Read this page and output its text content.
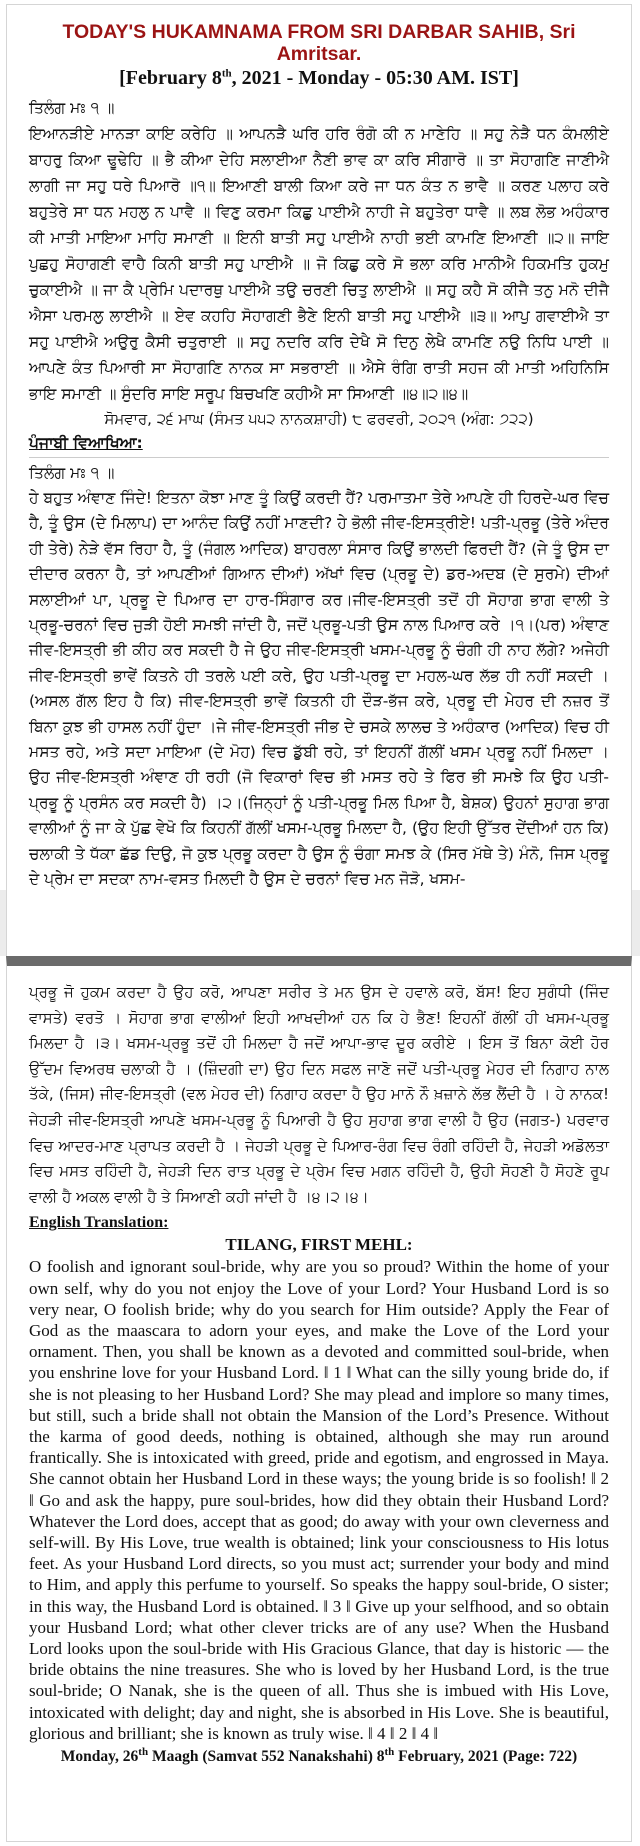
TODAY'S HUKAMNAMA FROM SRI DARBAR SAHIB, Sri Amritsar.
[February 8th, 2021 - Monday - 05:30 AM. IST]
ਤਿਲੰਗ ਮਃ ੧ ॥
ਇਆਨੜੀਏ ਮਾਨੜਾ ਕਾਇ ਕਰੇਹਿ ॥ ਆਪਨੜੈ ਘਰਿ ਹਰਿ ਰੰਗੋ ਕੀ ਨ ਮਾਣੇਹਿ ॥ ਸਹੁ ਨੇੜੈ ਧਨ ਕੰਮਲੀਏ ਬਾਹਰੁ ਕਿਆ ਢੂਢੇਹਿ ॥ ਭੈ ਕੀਆ ਦੇਹਿ ਸਲਾਈਆ ਨੈਣੀ ਭਾਵ ਕਾ ਕਰਿ ਸੀਗਾਰੋ ॥ ਤਾ ਸੋਹਾਗਣਿ ਜਾਣੀਐ ਲਾਗੀ ਜਾ ਸਹੁ ਧਰੇ ਪਿਆਰੋ ॥੧॥ ਇਆਣੀ ਬਾਲੀ ਕਿਆ ਕਰੇ ਜਾ ਧਨ ਕੰਤ ਨ ਭਾਵੈ ॥ ਕਰਣ ਪਲਾਹ ਕਰੇ ਬਹੁਤੇਰੇ ਸਾ ਧਨ ਮਹਲੁ ਨ ਪਾਵੈ ॥ ਵਿਣੁ ਕਰਮਾ ਕਿਛੁ ਪਾਈਐ ਨਾਹੀ ਜੇ ਬਹੁਤੇਰਾ ਧਾਵੈ ॥ ਲਬ ਲੋਭ ਅਹੰਕਾਰ ਕੀ ਮਾਤੀ ਮਾਇਆ ਮਾਹਿ ਸਮਾਣੀ ॥ ਇਨੀ ਬਾਤੀ ਸਹੁ ਪਾਈਐ ਨਾਹੀ ਭਈ ਕਾਮਣਿ ਇਆਣੀ ॥੨॥ ਜਾਇ ਪੁਛਹੁ ਸੋਹਾਗਣੀ ਵਾਹੈ ਕਿਨੀ ਬਾਤੀ ਸਹੁ ਪਾਈਐ ॥ ਜੋ ਕਿਛੁ ਕਰੇ ਸੋ ਭਲਾ ਕਰਿ ਮਾਨੀਐ ਹਿਕਮਤਿ ਹੁਕਮੁ ਚੁਕਾਈਐ ॥ ਜਾ ਕੈ ਪ੍ਰੇਮਿ ਪਦਾਰਥੁ ਪਾਈਐ ਤਉ ਚਰਣੀ ਚਿਤੁ ਲਾਈਐ ॥ ਸਹੁ ਕਹੈ ਸੋ ਕੀਜੈ ਤਨੁ ਮਨੋ ਦੀਜੈ ਐਸਾ ਪਰਮਲੁ ਲਾਈਐ ॥ ਏਵ ਕਹਹਿ ਸੋਹਾਗਣੀ ਭੈਣੇ ਇਨੀ ਬਾਤੀ ਸਹੁ ਪਾਈਐ ॥੩॥ ਆਪੁ ਗਵਾਈਐ ਤਾ ਸਹੁ ਪਾਈਐ ਅਉਰੁ ਕੈਸੀ ਚਤੁਰਾਈ ॥ ਸਹੁ ਨਦਰਿ ਕਰਿ ਦੇਖੈ ਸੋ ਦਿਨੁ ਲੇਖੈ ਕਾਮਣਿ ਨਉ ਨਿਧਿ ਪਾਈ ॥ ਆਪਣੇ ਕੰਤ ਪਿਆਰੀ ਸਾ ਸੋਹਾਗਣਿ ਨਾਨਕ ਸਾ ਸਭਰਾਈ ॥ ਐਸੇ ਰੰਗਿ ਰਾਤੀ ਸਹਜ ਕੀ ਮਾਤੀ ਅਹਿਨਿਸਿ ਭਾਇ ਸਮਾਣੀ ॥ ਸੁੰਦਰਿ ਸਾਇ ਸਰੂਪ ਬਿਚਖਣਿ ਕਹੀਐ ਸਾ ਸਿਆਣੀ ॥੪॥੨॥੪॥
ਸੋਮਵਾਰ, ੨੬ ਮਾਘ (ਸੰਮਤ ੫੫੨ ਨਾਨਕਸ਼ਾਹੀ) ੮ ਫਰਵਰੀ, ੨੦੨੧ (ਅੰਗ: ੭੨੨)
ਪੰਜਾਬੀ ਵਿਆਖਿਆ:
ਤਿਲੰਗ ਮਃ ੧ ॥
ਹੇ ਬਹੁਤ ਅੰਞਾਣ ਜਿੰਦੇ! ਇਤਨਾ ਕੋਝਾ ਮਾਣ ਤੂੰ ਕਿਉਂ ਕਰਦੀ ਹੈਂ? ਪਰਮਾਤਮਾ ਤੇਰੇ ਆਪਣੇ ਹੀ ਹਿਰਦੇ-ਘਰ ਵਿਚ ਹੈ, ਤੂੰ ਉਸ (ਦੇ ਮਿਲਾਪ) ਦਾ ਆਨੰਦ ਕਿਉਂ ਨਹੀਂ ਮਾਣਦੀ? ਹੇ ਭੋਲੀ ਜੀਵ-ਇਸਤ੍ਰੀਏ! ਪਤੀ-ਪ੍ਰਭੂ (ਤੇਰੇ ਅੰਦਰ ਹੀ ਤੇਰੇ) ਨੇੜੇ ਵੱਸ ਰਿਹਾ ਹੈ, ਤੂੰ (ਜੰਗਲ ਆਦਿਕ) ਬਾਹਰਲਾ ਸੰਸਾਰ ਕਿਉਂ ਭਾਲਦੀ ਫਿਰਦੀ ਹੈਂ? (ਜੇ ਤੂੰ ਉਸ ਦਾ ਦੀਦਾਰ ਕਰਨਾ ਹੈ, ਤਾਂ ਆਪਣੀਆਂ ਗਿਆਨ ਦੀਆਂ) ਅੱਖਾਂ ਵਿਚ (ਪ੍ਰਭੂ ਦੇ) ਡਰ-ਅਦਬ (ਦੇ ਸੁਰਮੇ) ਦੀਆਂ ਸਲਾਈਆਂ ਪਾ, ਪ੍ਰਭੂ ਦੇ ਪਿਆਰ ਦਾ ਹਾਰ-ਸਿੰਗਾਰ ਕਰ।ਜੀਵ-ਇਸਤ੍ਰੀ ਤਦੋਂ ਹੀ ਸੋਹਾਗ ਭਾਗ ਵਾਲੀ ਤੇ ਪ੍ਰਭੂ-ਚਰਨਾਂ ਵਿਚ ਜੁੜੀ ਹੋਈ ਸਮਝੀ ਜਾਂਦੀ ਹੈ, ਜਦੋਂ ਪ੍ਰਭੂ-ਪਤੀ ਉਸ ਨਾਲ ਪਿਆਰ ਕਰੇ ।੧।(ਪਰ) ਅੰਞਾਣ ਜੀਵ-ਇਸਤ੍ਰੀ ਭੀ ਕੀਹ ਕਰ ਸਕਦੀ ਹੈ ਜੇ ਉਹ ਜੀਵ-ਇਸਤ੍ਰੀ ਖਸਮ-ਪ੍ਰਭੂ ਨੂੰ ਚੰਗੀ ਹੀ ਨਾਹ ਲੱਗੇ? ਅਜੇਹੀ ਜੀਵ-ਇਸਤ੍ਰੀ ਭਾਵੇਂ ਕਿਤਨੇ ਹੀ ਤਰਲੇ ਪਈ ਕਰੇ, ਉਹ ਪਤੀ-ਪ੍ਰਭੂ ਦਾ ਮਹਲ-ਘਰ ਲੱਭ ਹੀ ਨਹੀਂ ਸਕਦੀ । (ਅਸਲ ਗੱਲ ਇਹ ਹੈ ਕਿ) ਜੀਵ-ਇਸਤ੍ਰੀ ਭਾਵੇਂ ਕਿਤਨੀ ਹੀ ਦੌੜ-ਭੱਜ ਕਰੇ, ਪ੍ਰਭੂ ਦੀ ਮੇਹਰ ਦੀ ਨਜ਼ਰ ਤੋਂ ਬਿਨਾ ਕੁਝ ਭੀ ਹਾਸਲ ਨਹੀਂ ਹੁੰਦਾ ।ਜੇ ਜੀਵ-ਇਸਤ੍ਰੀ ਜੀਭ ਦੇ ਚਸਕੇ ਲਾਲਚ ਤੇ ਅਹੰਕਾਰ (ਆਦਿਕ) ਵਿਚ ਹੀ ਮਸਤ ਰਹੇ, ਅਤੇ ਸਦਾ ਮਾਇਆ (ਦੇ ਮੋਹ) ਵਿਚ ਡੁੱਬੀ ਰਹੇ, ਤਾਂ ਇਹਨੀਂ ਗੱਲੀਂ ਖਸਮ ਪ੍ਰਭੂ ਨਹੀਂ ਮਿਲਦਾ । ਉਹ ਜੀਵ-ਇਸਤ੍ਰੀ ਅੰਞਾਣ ਹੀ ਰਹੀ (ਜੋ ਵਿਕਾਰਾਂ ਵਿਚ ਭੀ ਮਸਤ ਰਹੇ ਤੇ ਫਿਰ ਭੀ ਸਮਝੇ ਕਿ ਉਹ ਪਤੀ-ਪ੍ਰਭੂ ਨੂੰ ਪ੍ਰਸੰਨ ਕਰ ਸਕਦੀ ਹੈ) ।੨।(ਜਿਨ੍ਹਾਂ ਨੂੰ ਪਤੀ-ਪ੍ਰਭੂ ਮਿਲ ਪਿਆ ਹੈ, ਬੇਸ਼ਕ) ਉਹਨਾਂ ਸੁਹਾਗ ਭਾਗ ਵਾਲੀਆਂ ਨੂੰ ਜਾ ਕੇ ਪੁੱਛ ਵੇਖੋ ਕਿ ਕਿਹਨੀਂ ਗੱਲੀਂ ਖਸਮ-ਪ੍ਰਭੂ ਮਿਲਦਾ ਹੈ, (ਉਹ ਇਹੀ ਉੱਤਰ ਦੇਂਦੀਆਂ ਹਨ ਕਿ) ਚਲਾਕੀ ਤੇ ਧੱਕਾ ਛੱਡ ਦਿਉ, ਜੋ ਕੁਝ ਪ੍ਰਭੂ ਕਰਦਾ ਹੈ ਉਸ ਨੂੰ ਚੰਗਾ ਸਮਝ ਕੇ (ਸਿਰ ਮੱਥੇ ਤੇ) ਮੰਨੋ, ਜਿਸ ਪ੍ਰਭੂ ਦੇ ਪ੍ਰੇਮ ਦਾ ਸਦਕਾ ਨਾਮ-ਵਸਤ ਮਿਲਦੀ ਹੈ ਉਸ ਦੇ ਚਰਨਾਂ ਵਿਚ ਮਨ ਜੋੜੋ, ਖਸਮ-
ਪ੍ਰਭੂ ਜੋ ਹੁਕਮ ਕਰਦਾ ਹੈ ਉਹ ਕਰੋ, ਆਪਣਾ ਸਰੀਰ ਤੇ ਮਨ ਉਸ ਦੇ ਹਵਾਲੇ ਕਰੋ, ਬੱਸ! ਇਹ ਸੁਗੰਧੀ (ਜਿੰਦ ਵਾਸਤੇ) ਵਰਤੋ । ਸੋਹਾਗ ਭਾਗ ਵਾਲੀਆਂ ਇਹੀ ਆਖਦੀਆਂ ਹਨ ਕਿ ਹੇ ਭੈਣ! ਇਹਨੀਂ ਗੱਲੀਂ ਹੀ ਖਸਮ-ਪ੍ਰਭੂ ਮਿਲਦਾ ਹੈ ।੩। ਖਸਮ-ਪ੍ਰਭੂ ਤਦੋਂ ਹੀ ਮਿਲਦਾ ਹੈ ਜਦੋਂ ਆਪਾ-ਭਾਵ ਦੂਰ ਕਰੀਏ । ਇਸ ਤੋਂ ਬਿਨਾ ਕੋਈ ਹੋਰ ਉੱਦਮ ਵਿਅਰਥ ਚਲਾਕੀ ਹੈ । (ਜ਼ਿੰਦਗੀ ਦਾ) ਉਹ ਦਿਨ ਸਫਲ ਜਾਣੋ ਜਦੋਂ ਪਤੀ-ਪ੍ਰਭੂ ਮੇਹਰ ਦੀ ਨਿਗਾਹ ਨਾਲ ਤੱਕੇ, (ਜਿਸ) ਜੀਵ-ਇਸਤ੍ਰੀ (ਵਲ ਮੇਹਰ ਦੀ) ਨਿਗਾਹ ਕਰਦਾ ਹੈ ਉਹ ਮਾਨੋ ਨੌ ਖ਼ਜ਼ਾਨੇ ਲੱਭ ਲੈਂਦੀ ਹੈ । ਹੇ ਨਾਨਕ! ਜੇਹੜੀ ਜੀਵ-ਇਸਤ੍ਰੀ ਆਪਣੇ ਖਸਮ-ਪ੍ਰਭੂ ਨੂੰ ਪਿਆਰੀ ਹੈ ਉਹ ਸੁਹਾਗ ਭਾਗ ਵਾਲੀ ਹੈ ਉਹ (ਜਗਤ-) ਪਰਵਾਰ ਵਿਚ ਆਦਰ-ਮਾਣ ਪ੍ਰਾਪਤ ਕਰਦੀ ਹੈ । ਜੇਹੜੀ ਪ੍ਰਭੂ ਦੇ ਪਿਆਰ-ਰੰਗ ਵਿਚ ਰੰਗੀ ਰਹਿੰਦੀ ਹੈ, ਜੇਹੜੀ ਅਡੋਲਤਾ ਵਿਚ ਮਸਤ ਰਹਿੰਦੀ ਹੈ, ਜੇਹੜੀ ਦਿਨ ਰਾਤ ਪ੍ਰਭੂ ਦੇ ਪ੍ਰੇਮ ਵਿਚ ਮਗਨ ਰਹਿੰਦੀ ਹੈ, ਉਹੀ ਸੋਹਣੀ ਹੈ ਸੋਹਣੇ ਰੂਪ ਵਾਲੀ ਹੈ ਅਕਲ ਵਾਲੀ ਹੈ ਤੇ ਸਿਆਣੀ ਕਹੀ ਜਾਂਦੀ ਹੈ ।੪।੨।੪।
English Translation:
TILANG, FIRST MEHL:
O foolish and ignorant soul-bride, why are you so proud? Within the home of your own self, why do you not enjoy the Love of your Lord? Your Husband Lord is so very near, O foolish bride; why do you search for Him outside? Apply the Fear of God as the maascara to adorn your eyes, and make the Love of the Lord your ornament. Then, you shall be known as a devoted and committed soul-bride, when you enshrine love for your Husband Lord. ‖ 1 ‖ What can the silly young bride do, if she is not pleasing to her Husband Lord? She may plead and implore so many times, but still, such a bride shall not obtain the Mansion of the Lord’s Presence. Without the karma of good deeds, nothing is obtained, although she may run around frantically. She is intoxicated with greed, pride and egotism, and engrossed in Maya. She cannot obtain her Husband Lord in these ways; the young bride is so foolish! ‖ 2 ‖ Go and ask the happy, pure soul-brides, how did they obtain their Husband Lord? Whatever the Lord does, accept that as good; do away with your own cleverness and self-will. By His Love, true wealth is obtained; link your consciousness to His lotus feet. As your Husband Lord directs, so you must act; surrender your body and mind to Him, and apply this perfume to yourself. So speaks the happy soul-bride, O sister; in this way, the Husband Lord is obtained. ‖ 3 ‖ Give up your selfhood, and so obtain your Husband Lord; what other clever tricks are of any use? When the Husband Lord looks upon the soul-bride with His Gracious Glance, that day is historic — the bride obtains the nine treasures. She who is loved by her Husband Lord, is the true soul-bride; O Nanak, she is the queen of all. Thus she is imbued with His Love, intoxicated with delight; day and night, she is absorbed in His Love. She is beautiful, glorious and brilliant; she is known as truly wise. ‖ 4 ‖ 2 ‖ 4 ‖
Monday, 26th Maagh (Samvat 552 Nanakshahi) 8th February, 2021 (Page: 722)
